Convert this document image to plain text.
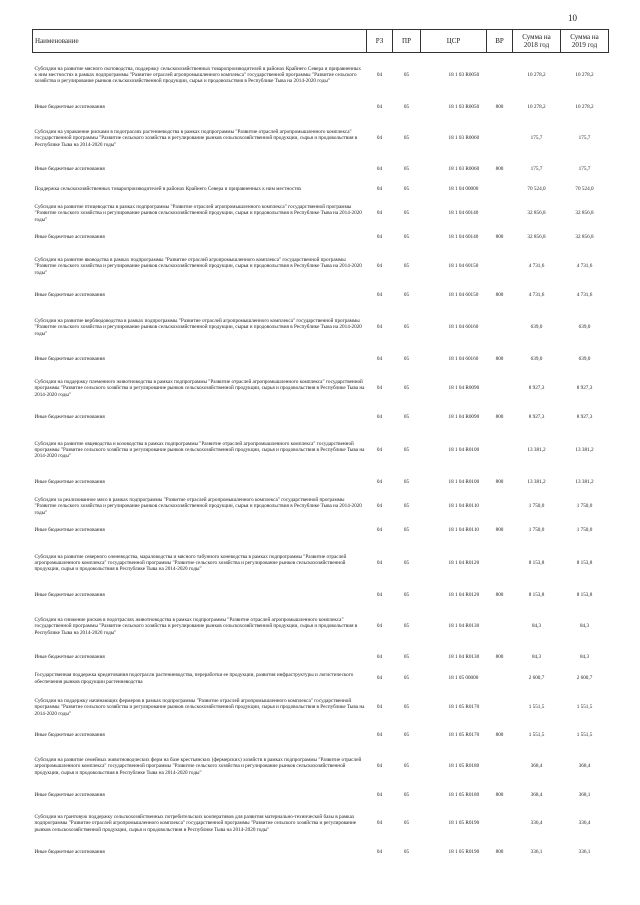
10
Наименование	РЗ	ПР	ЦСР	ВР	Сумма на 2018 год	Сумма на 2019 год
Субсидии на развитие мясного скотоводства, поддержку сельскохозяйственных товаропроизводителей в районах Крайнего Севера и приравненных к ним местностях в рамках подпрограммы "Развитие отраслей агропромышленного комплекса" государственной программы "Развитие сельского хозяйства и регулирование рынков сельскохозяйственной продукции, сырья и продовольствия в Республике Тыва на 2014-2020 годы"	04	05	18 1 03 R0050		10 278,2	10 278,2
Иные бюджетные ассигнования	04	05	18 1 03 R0050	800	10 278,2	10 278,2
Субсидии на управление рисками в подотраслях растениеводства в рамках подпрограммы "Развитие отраслей агропромышленного комплекса" государственной программы "Развитие сельского хозяйства и регулирование рынков сельскохозяйственной продукции, сырья и продовольствия в Республике Тыва на 2014-2020 годы"	04	05	18 1 03 R0060		175,7	175,7
Иные бюджетные ассигнования	04	05	18 1 03 R0060	800	175,7	175,7
Поддержка сельскохозяйственных товаропроизводителей в районах Крайнего Севера и приравненных к ним местностях	04	05	18 1 04 00000		70 524,0	70 524,0
Субсидии на развитие птицеводства в рамках подпрограммы "Развитие отраслей агропромышленного комплекса" государственной программы "Развитие сельского хозяйства и регулирование рынков сельскохозяйственной продукции, сырья и продовольствия в Республике Тыва на 2014-2020 годы"	04	05	18 1 04 60140		32 856,8	32 856,8
Иные бюджетные ассигнования	04	05	18 1 04 60140	800	32 856,8	32 856,8
Субсидии на развитие яководства в рамках подпрограммы "Развитие отраслей агропромышленного комплекса" государственной программы "Развитие сельского хозяйства и регулирование рынков сельскохозяйственной продукции, сырья и продовольствия в Республике Тыва на 2014-2020 годы"	04	05	18 1 04 60150		4 731,6	4 731,6
Иные бюджетные ассигнования	04	05	18 1 04 60150	800	4 731,6	4 731,6
Субсидии на развитие верблюдоводства в рамках подпрограммы "Развитие отраслей агропромышленного комплекса" государственной программы "Развитие сельского хозяйства и регулирование рынков сельскохозяйственной продукции, сырья и продовольствия в Республике Тыва на 2014-2020 годы"	04	05	18 1 04 60160		639,0	639,0
Иные бюджетные ассигнования	04	05	18 1 04 60160	800	639,0	639,0
Субсидии на поддержку племенного животноводства в рамках подпрограммы "Развитие отраслей агропромышленного комплекса" государственной программы "Развитие сельского хозяйства и регулирование рынков сельскохозяйственной продукции, сырья и продовольствия в Республике Тыва на 2014-2020 годы"	04	05	18 1 04 R0090		8 927,3	8 927,3
Иные бюджетные ассигнования	04	05	18 1 04 R0090	800	8 927,3	8 927,3
Субсидии на развитие овцеводства и козоводства в рамках подпрограммы "Развитие отраслей агропромышленного комплекса" государственной программы "Развитие сельского хозяйства и регулирование рынков сельскохозяйственной продукции, сырья и продовольствия в Республике Тыва на 2014-2020 годы"	04	05	18 1 04 R0100		13 381,2	13 381,2
Иные бюджетные ассигнования	04	05	18 1 04 R0100	800	13 381,2	13 381,2
Субсидии за реализованное мясо в рамках подпрограммы "Развитие отраслей агропромышленного комплекса" государственной программы "Развитие сельского хозяйства и регулирование рынков сельскохозяйственной продукции, сырья и продовольствия в Республике Тыва на 2014-2020 годы"	04	05	18 1 04 R0110		1 750,0	1 750,0
Иные бюджетные ассигнования	04	05	18 1 04 R0110	800	1 750,0	1 750,0
Субсидии на развитие северного оленеводства, мараловодства и мясного табунного коневодства в рамках подпрограммы "Развитие отраслей агропромышленного комплекса" государственной программы "Развитие сельского хозяйства и регулирование рынков сельскохозяйственной продукции, сырья и продовольствия в Республике Тыва на 2014-2020 годы"	04	05	18 1 04 R0120		8 153,8	8 153,8
Иные бюджетные ассигнования	04	05	18 1 04 R0120	800	8 153,8	8 153,8
Субсидии на снижение рисков в подотраслях животноводства в рамках подпрограммы "Развитие отраслей агропромышленного комплекса" государственной программы "Развитие сельского хозяйства и регулирование рынков сельскохозяйственной продукции, сырья и продовольствия в Республике Тыва на 2014-2020 годы"	04	05	18 1 04 R0130		84,3	84,3
Иные бюджетные ассигнования	04	05	18 1 04 R0130	800	84,3	84,3
Государственная поддержка кредитования подотрасли растениеводства, переработки ее продукции, развития инфраструктуры и логистического обеспечения рынков продукции растениеводства	04	05	18 1 05 00000		2 600,7	2 600,7
Субсидии на поддержку начинающих фермеров в рамках подпрограммы "Развитие отраслей агропромышленного комплекса" государственной программы "Развитие сельского хозяйства и регулирование рынков сельскохозяйственной продукции, сырья и продовольствия в Республике Тыва на 2014-2020 годы"	04	05	18 1 05 R0170		1 551,5	1 551,5
Иные бюджетные ассигнования	04	05	18 1 05 R0170	800	1 551,5	1 551,5
Субсидии на развитие семейных животноводческих ферм на базе крестьянских (фермерских) хозяйств в рамках подпрограммы "Развитие отраслей агропромышленного комплекса" государственной программы "Развитие сельского хозяйства и регулирование рынков сельскохозяйственной продукции, сырья и продовольствия в Республике Тыва на 2014-2020 годы"	04	05	18 1 05 R0180		368,4	368,4
Иные бюджетные ассигнования	04	05	18 1 05 R0180	800	368,4	368,1
Субсидии на грантовую поддержку сельскохозяйственных потребительских кооперативов для развития материально-технической базы в рамках подпрограммы "Развитие отраслей агропромышленного комплекса" государственной программы "Развитие сельского хозяйства и регулирование рынков сельскохозяйственной продукции, сырья и продовольствия в Республике Тыва на 2014-2020 годы"	04	05	18 1 05 R0190		336,4	336,4
Иные бюджетные ассигнования	04	05	18 1 05 R0190	800	336,1	336,1
